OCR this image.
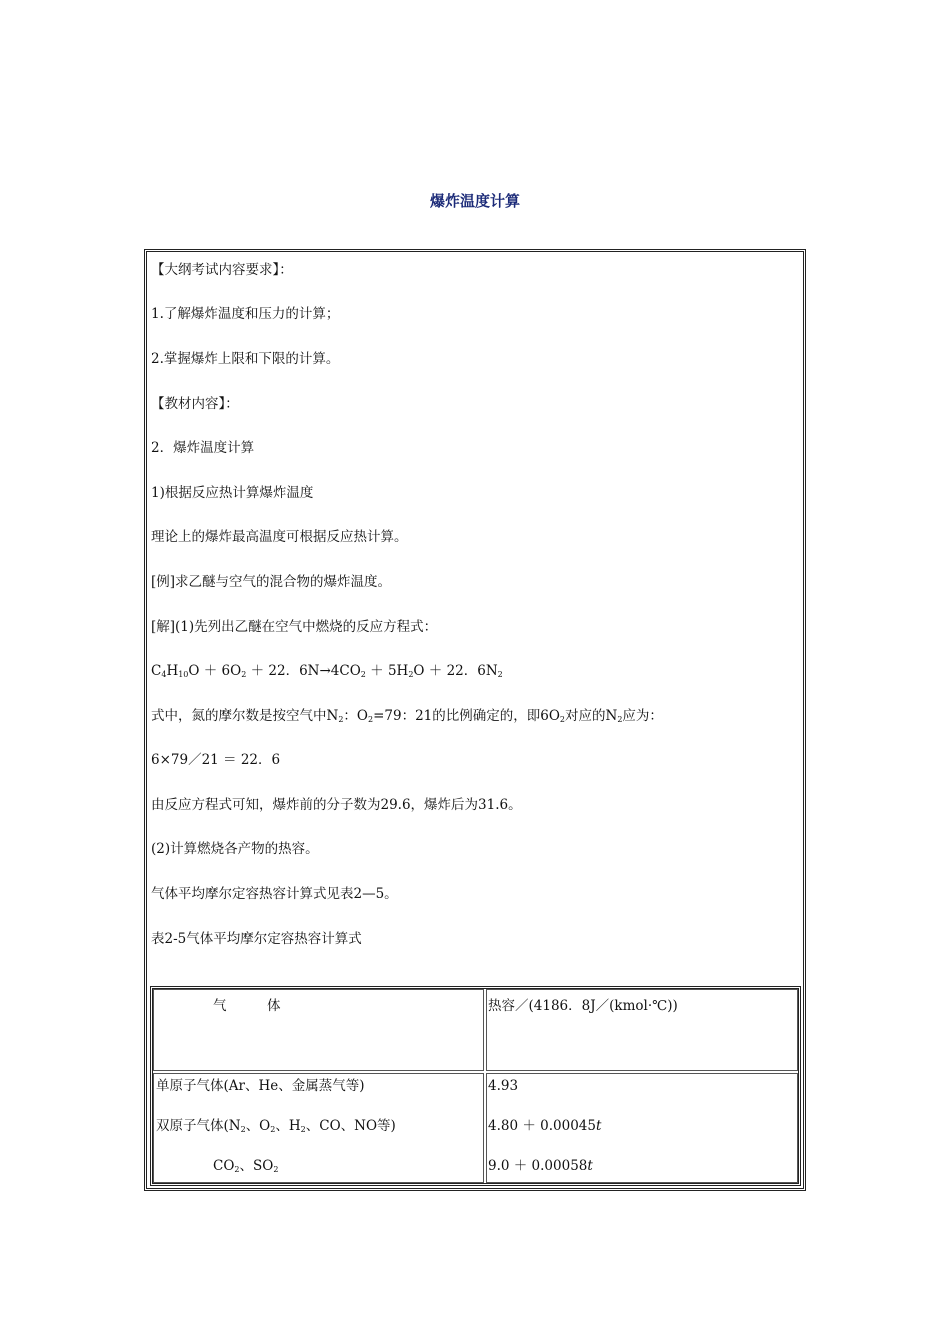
爆炸温度计算
【大纲考试内容要求】：
1.了解爆炸温度和压力的计算；
2.掌握爆炸上限和下限的计算。
【教材内容】：
2．爆炸温度计算
1)根据反应热计算爆炸温度
理论上的爆炸最高温度可根据反应热计算。
[例]求乙醚与空气的混合物的爆炸温度。
[解](1)先列出乙醚在空气中燃烧的反应方程式：
$C_4H_{10}O + 6O_2 + 22$．$6N\to 4CO_2 + 5H_2O + 22$．$6N_2$
式中，氮的摩尔数是按空气中$N_2$：$O_2=79$：21的比例确定的，即$6O_2$对应的$N_2$应为：
6×79／21 ＝ 22．6
由反应方程式可知，爆炸前的分子数为29.6，爆炸后为31.6。
(2)计算燃烧各产物的热容。
气体平均摩尔定容热容计算式见表2—5。
表2-5气体平均摩尔定容热容计算式
气　　　体	热容／(4186．8J／(kmol·℃))
单原子气体(Ar、He、金属蒸气等)	4.93
双原子气体($N_2$、$O_2$、$H_2$、CO、NO等)	4.80 ＋ 0.00045t
$CO_2$、$SO_2$	9.0 ＋ 0.00058t
